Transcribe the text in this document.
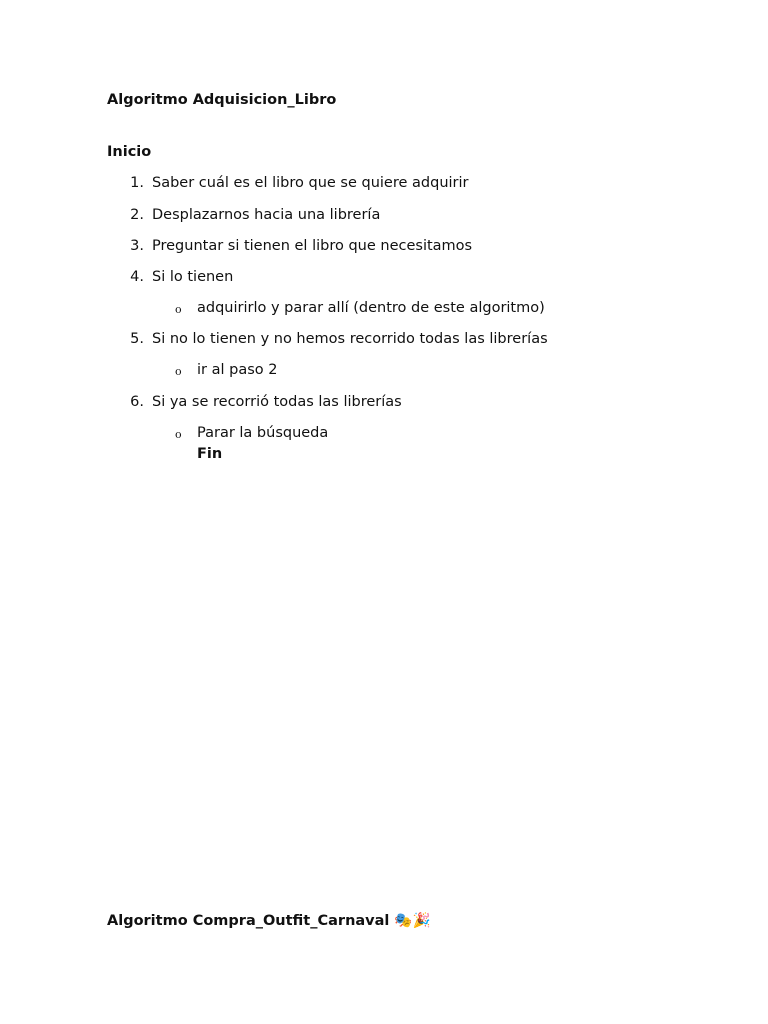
Algoritmo Adquisicion_Libro
Inicio
1. Saber cuál es el libro que se quiere adquirir
2. Desplazarnos hacia una librería
3. Preguntar si tienen el libro que necesitamos
4. Si lo tienen
o adquirirlo y parar allí (dentro de este algoritmo)
5. Si no lo tienen y no hemos recorrido todas las librerías
o ir al paso 2
6. Si ya se recorrió todas las librerías
o Parar la búsqueda
Fin
Algoritmo Compra_Outfit_Carnaval 🎭🎉
